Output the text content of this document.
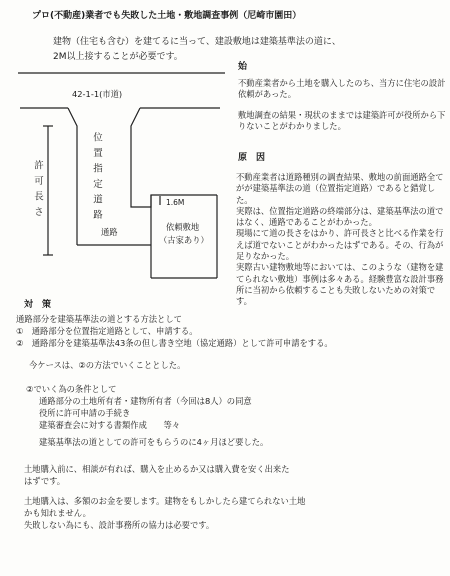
プロ(不動産)業者でも失敗した土地・敷地調査事例（尼崎市園田）
建物（住宅も含む）を建てるに当って、建設敷地は建築基準法の道に、
2M以上接することが必要です。
42-1-1(市道)
位置指定道路
許可長さ	1.6M
通路	依頼敷地
（古家あり）
始

不動産業者から土地を購入したのち、当方に住宅の設計依頼があった。

敷地調査の結果・現状のままでは建築許可が役所から下りないことがわかりました。

原　因

不動産業者は道路種別の調査結果、敷地の前面通路全てがが建築基準法の道（位置指定道路）であると錯覚した。

実際は、位置指定道路の終端部分は、建築基準法の道ではなく、通路であることがわかった。

現場にて道の長さをはかり、許可長さと比べる作業を行えば道でないことがわかったはずである。その、行為が足りなかった。

実際古い建物敷地等においては、このような（建物を建てられない敷地）事例は多々ある。経験豊富な設計事務所に当初から依頼することも失敗しないための対策です。

対　策
通路部分を建築基準法の道とする方法として
①　通路部分を位置指定道路として、申請する。
②　通路部分を建築基準法43条の但し書き空地（協定通路）として許可申請をする。
今ケースは、②の方法でいくこととした。
②でいく為の条件として
通路部分の土地所有者・建物所有者（今回は8人）の同意
役所に許可申請の手続き
建築審査会に対する書類作成　　等々
建築基準法の道としての許可をもらうのに4ヶ月ほど要した。
土地購入前に、相談が有れば、購入を止めるか又は購入費を安く出来た
はずです。
土地購入は、多額のお金を要します。建物をもしかしたら建てられない土地
かも知れません。
失敗しない為にも、設計事務所の協力は必要です。
